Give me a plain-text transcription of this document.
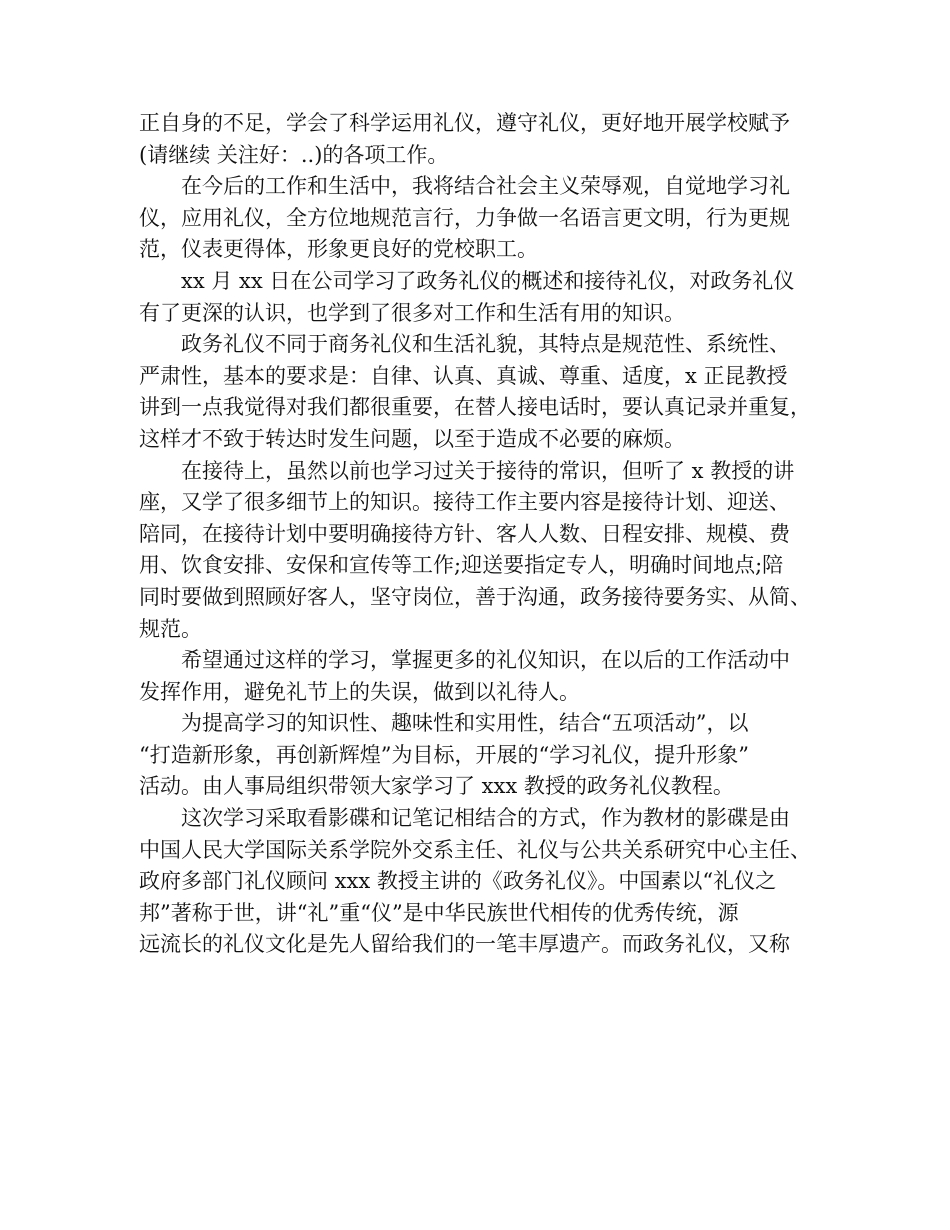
正自身的不足，学会了科学运用礼仪，遵守礼仪，更好地开展学校赋予
(请继续 关注好：..)的各项工作。

在今后的工作和生活中，我将结合社会主义荣辱观，自觉地学习礼
仪，应用礼仪，全方位地规范言行，力争做一名语言更文明，行为更规
范，仪表更得体，形象更良好的党校职工。

xx 月 xx 日在公司学习了政务礼仪的概述和接待礼仪，对政务礼仪
有了更深的认识，也学到了很多对工作和生活有用的知识。

政务礼仪不同于商务礼仪和生活礼貌，其特点是规范性、系统性、
严肃性，基本的要求是：自律、认真、真诚、尊重、适度，x 正昆教授
讲到一点我觉得对我们都很重要，在替人接电话时，要认真记录并重复，
这样才不致于转达时发生问题，以至于造成不必要的麻烦。

在接待上，虽然以前也学习过关于接待的常识，但听了 x 教授的讲
座，又学了很多细节上的知识。接待工作主要内容是接待计划、迎送、
陪同，在接待计划中要明确接待方针、客人人数、日程安排、规模、费
用、饮食安排、安保和宣传等工作;迎送要指定专人，明确时间地点;陪
同时要做到照顾好客人，坚守岗位，善于沟通，政务接待要务实、从简、
规范。

希望通过这样的学习，掌握更多的礼仪知识，在以后的工作活动中
发挥作用，避免礼节上的失误，做到以礼待人。

为提高学习的知识性、趣味性和实用性，结合“五项活动”，以
“打造新形象，再创新辉煌”为目标，开展的“学习礼仪，提升形象”
活动。由人事局组织带领大家学习了 xxx 教授的政务礼仪教程。

这次学习采取看影碟和记笔记相结合的方式，作为教材的影碟是由
中国人民大学国际关系学院外交系主任、礼仪与公共关系研究中心主任、
政府多部门礼仪顾问 xxx 教授主讲的《政务礼仪》。中国素以“礼仪之
邦”著称于世，讲“礼”重“仪”是中华民族世代相传的优秀传统，源
远流长的礼仪文化是先人留给我们的一笔丰厚遗产。而政务礼仪，又称
